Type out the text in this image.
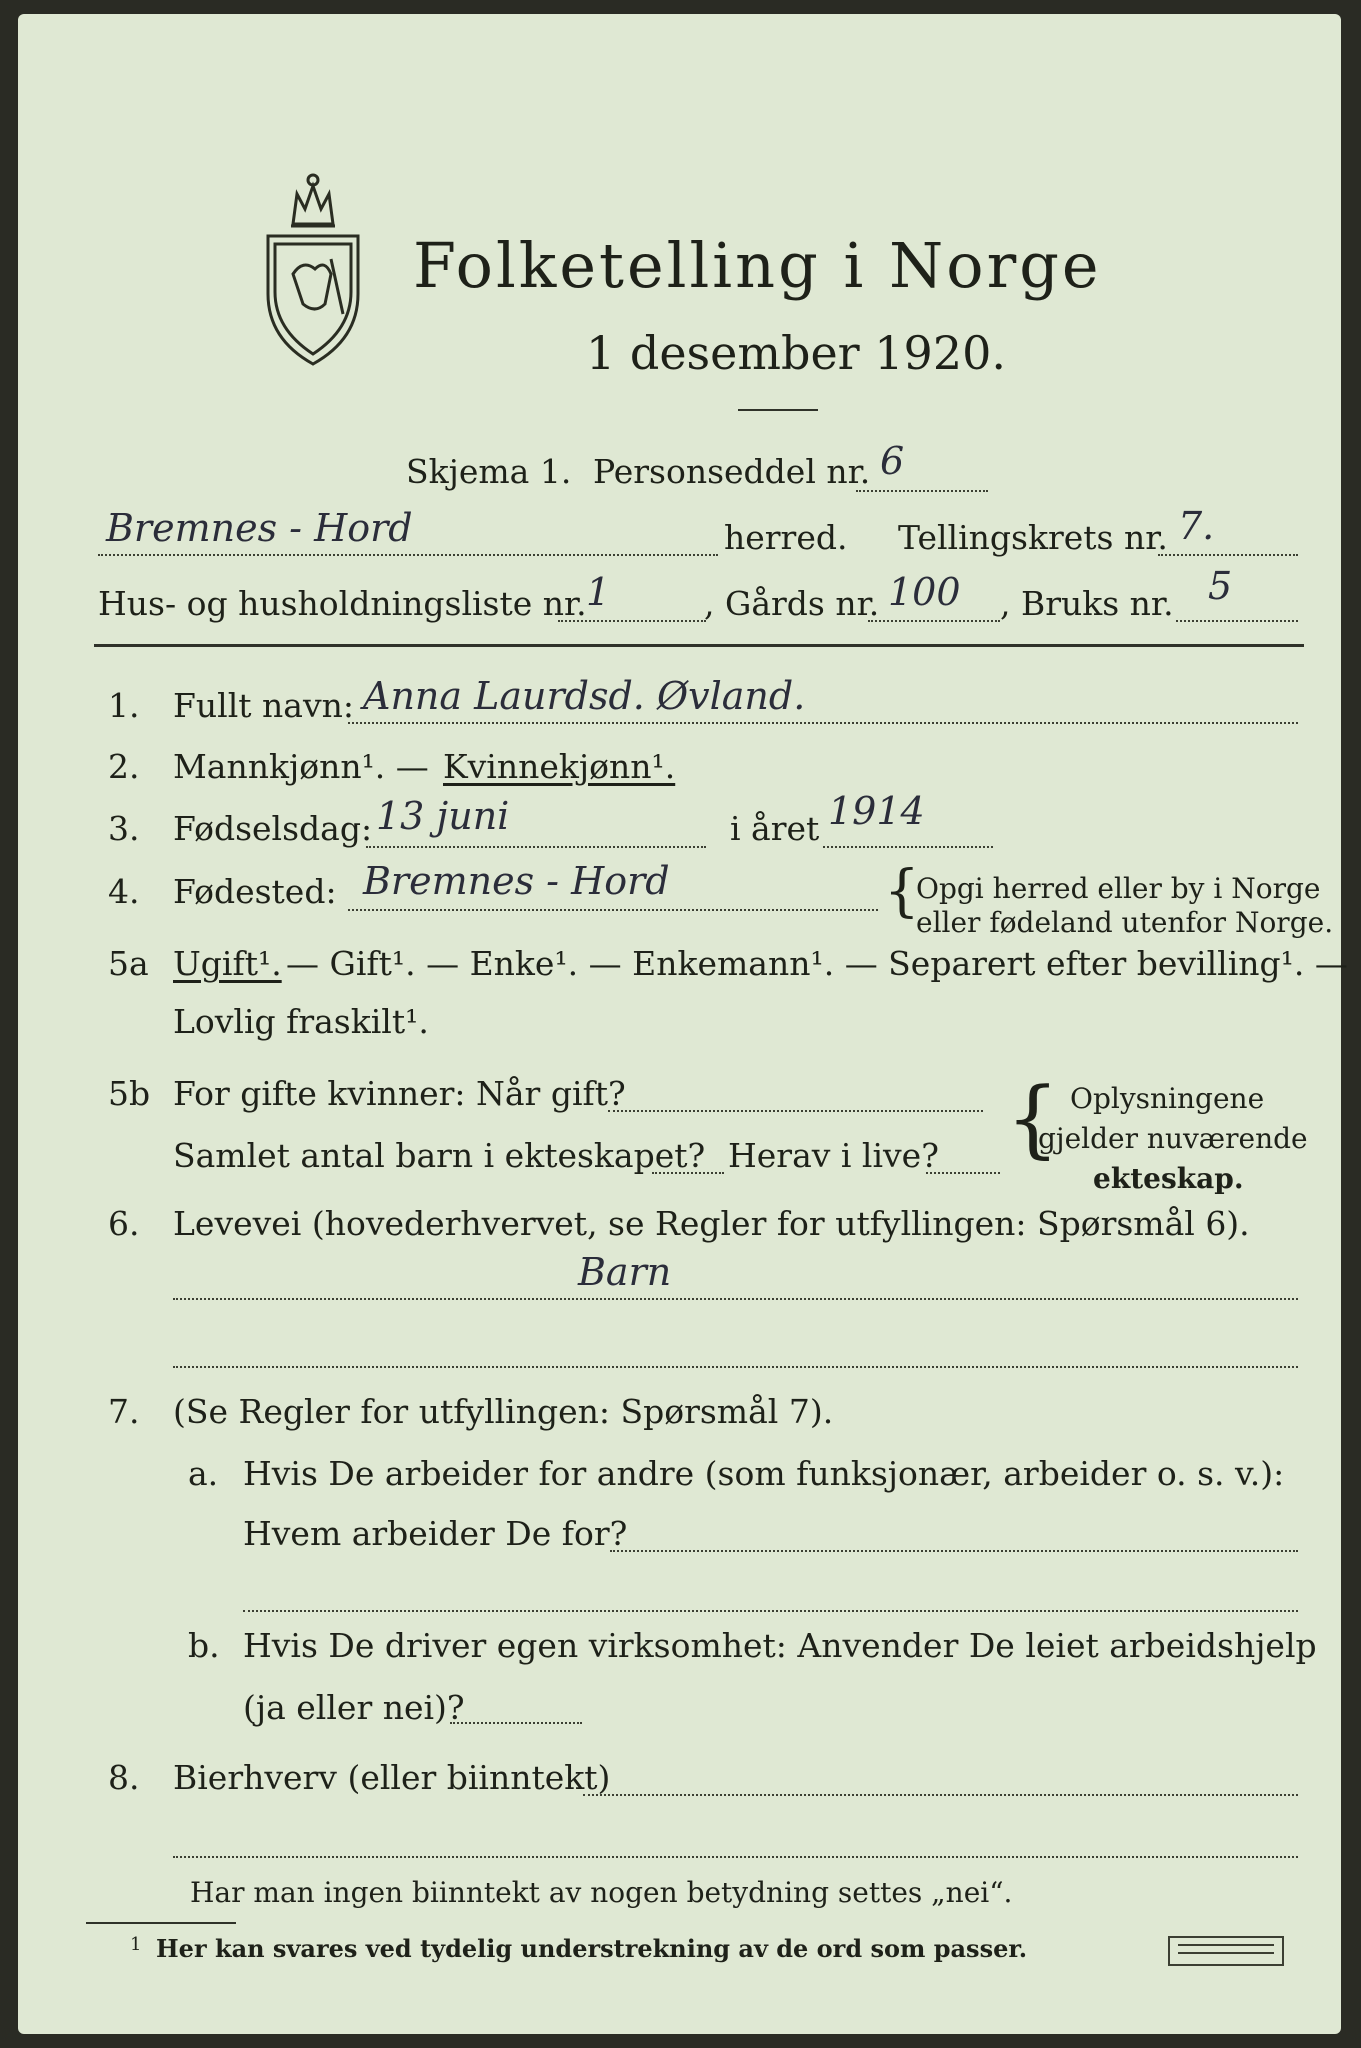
Folketelling i Norge
1 desember 1920.
Skjema 1. Personseddel nr. 6
Bremnes - Hord	herred. Tellingskrets nr. 7.
Hus- og husholdningsliste nr. 1	, Gårds nr. 100 , Bruks nr. 5
1. Fullt navn: Anna Laurdsd. Øvland.
2. Mannkjønn¹. — Kvinnekjønn¹.
3. Fødselsdag: 13 juni	i året 1914
4. Fødested: Bremnes - Hord	{
Opgi herred eller by i Norge
eller fødeland utenfor Norge.
5a Ugift¹. — Gift¹. — Enke¹. — Enkemann¹. — Separert efter bevilling¹. —
Lovlig fraskilt¹.
5b For gifte kvinner: Når gift?
Samlet antal barn i ekteskapet? Herav i live? { Oplysningene
gjelder nuværende
ekteskap.
6. Levevei (hovederhvervet, se Regler for utfyllingen: Spørsmål 6).
Barn
7. (Se Regler for utfyllingen: Spørsmål 7).
a. Hvis De arbeider for andre (som funksjonær, arbeider o. s. v.):
Hvem arbeider De for?
b. Hvis De driver egen virksomhet: Anvender De leiet arbeidshjelp
(ja eller nei)?
8. Bierhverv (eller biinntekt)
Har man ingen biinntekt av nogen betydning settes „nei“.
1 Her kan svares ved tydelig understrekning av de ord som passer.
